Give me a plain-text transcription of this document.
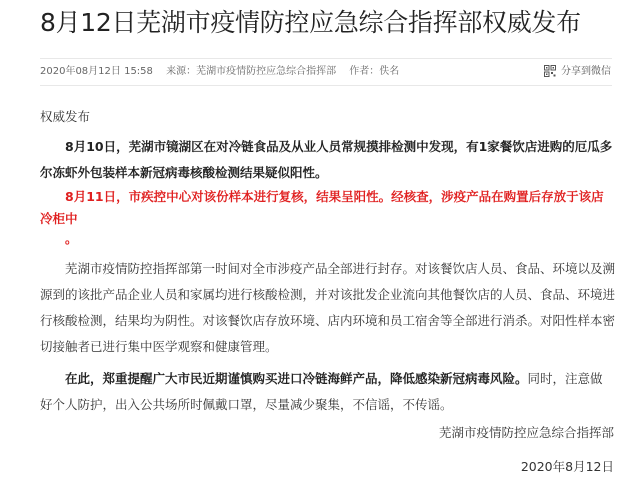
8月12日芜湖市疫情防控应急综合指挥部权威发布
2020年08月12日 15:58 来源：芜湖市疫情防控应急综合指挥部 作者：佚名	分享到微信
权威发布
8月10日，芜湖市镜湖区在对冷链食品及从业人员常规摸排检测中发现，有1家餐饮店进购的厄瓜多尔冻虾外包装样本新冠病毒核酸检测结果疑似阳性。
8月11日，市疾控中心对该份样本进行复核，结果呈阳性。经核查，涉疫产品在购置后存放于该店冷柜中
。
芜湖市疫情防控指挥部第一时间对全市涉疫产品全部进行封存。对该餐饮店人员、食品、环境以及溯源到的该批产品企业人员和家属均进行核酸检测，并对该批发企业流向其他餐饮店的人员、食品、环境进行核酸检测，结果均为阴性。对该餐饮店存放环境、店内环境和员工宿舍等全部进行消杀。对阳性样本密切接触者已进行集中医学观察和健康管理。
在此，郑重提醒广大市民近期谨慎购买进口冷链海鲜产品，降低感染新冠病毒风险。同时，注意做好个人防护，出入公共场所时佩戴口罩，尽量减少聚集，不信谣，不传谣。
芜湖市疫情防控应急综合指挥部
2020年8月12日
